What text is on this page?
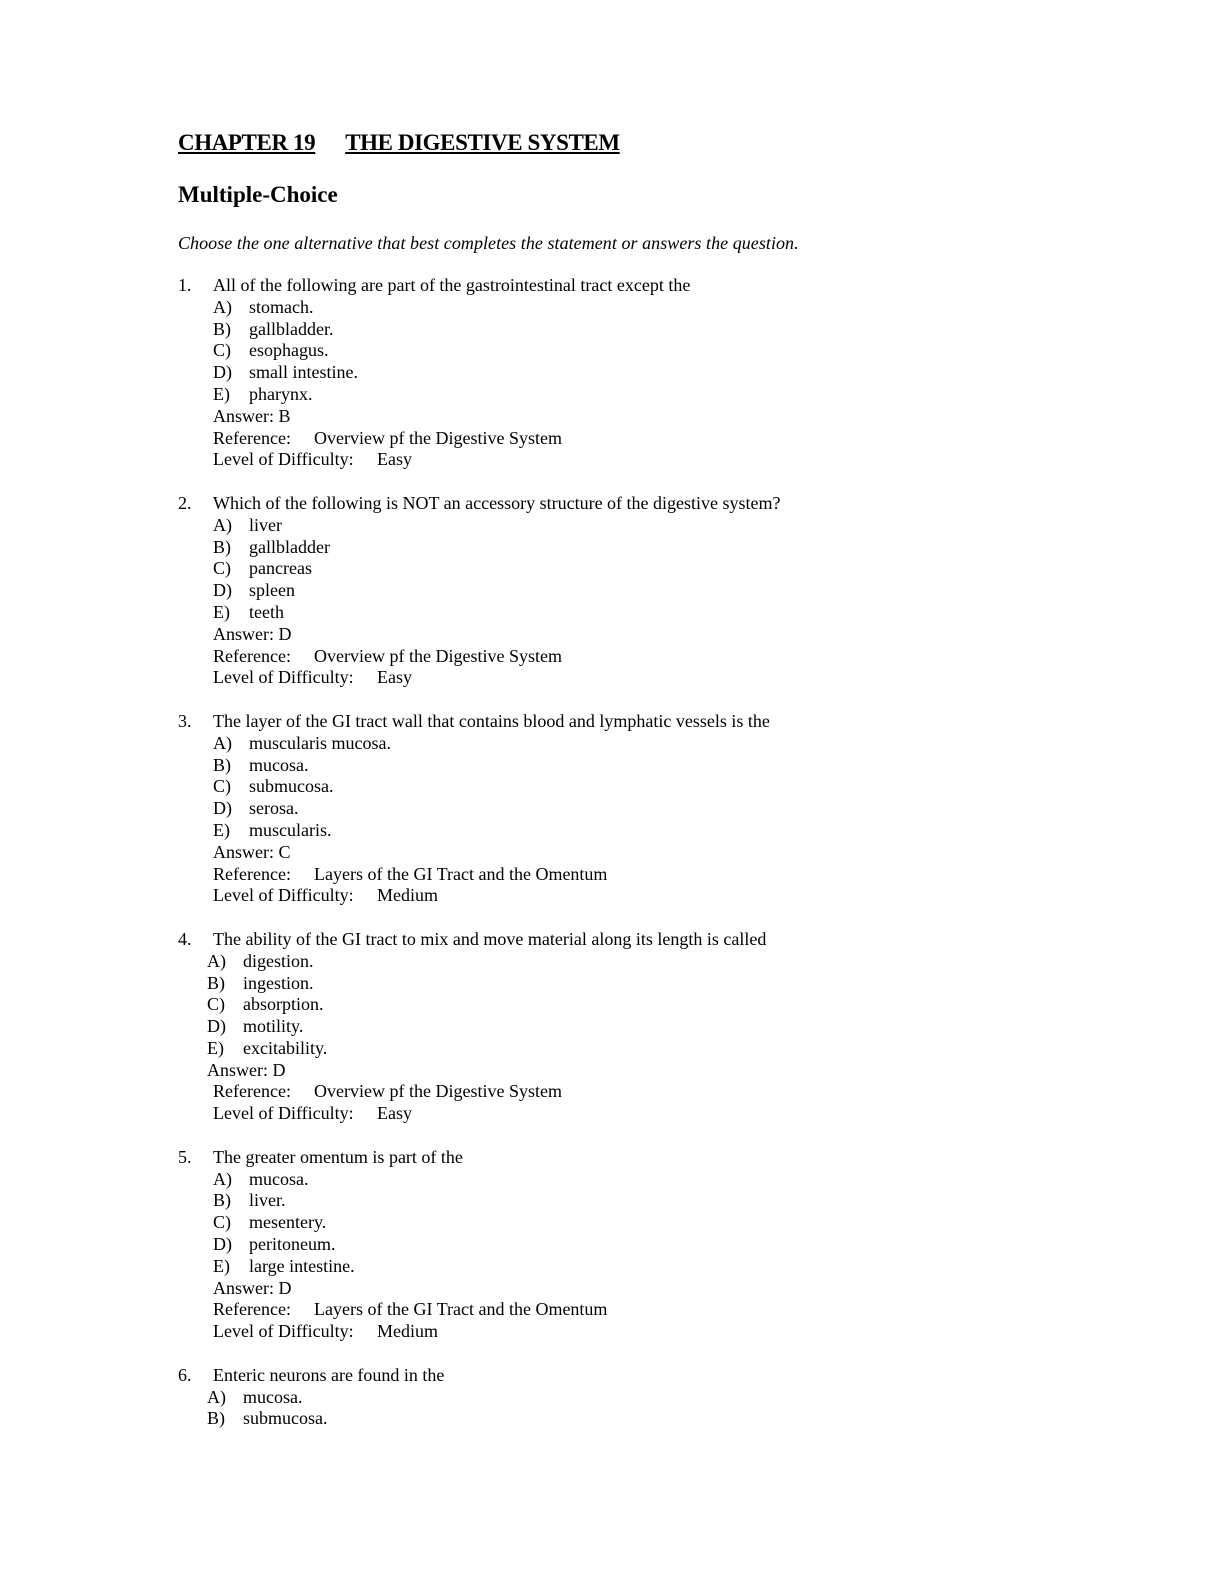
CHAPTER 19 THE DIGESTIVE SYSTEM
Multiple-Choice
Choose the one alternative that best completes the statement or answers the question.
1. All of the following are part of the gastrointestinal tract except the
A) stomach.
B) gallbladder.
C) esophagus.
D) small intestine.
E) pharynx.
Answer: B
Reference: Overview pf the Digestive System
Level of Difficulty: Easy
2. Which of the following is NOT an accessory structure of the digestive system?
A) liver
B) gallbladder
C) pancreas
D) spleen
E) teeth
Answer: D
Reference: Overview pf the Digestive System
Level of Difficulty: Easy
3. The layer of the GI tract wall that contains blood and lymphatic vessels is the
A) muscularis mucosa.
B) mucosa.
C) submucosa.
D) serosa.
E) muscularis.
Answer: C
Reference: Layers of the GI Tract and the Omentum
Level of Difficulty: Medium
4. The ability of the GI tract to mix and move material along its length is called
A) digestion.
B) ingestion.
C) absorption.
D) motility.
E) excitability.
Answer: D
Reference: Overview pf the Digestive System
Level of Difficulty: Easy
5. The greater omentum is part of the
A) mucosa.
B) liver.
C) mesentery.
D) peritoneum.
E) large intestine.
Answer: D
Reference: Layers of the GI Tract and the Omentum
Level of Difficulty: Medium
6. Enteric neurons are found in the
A) mucosa.
B) submucosa.
